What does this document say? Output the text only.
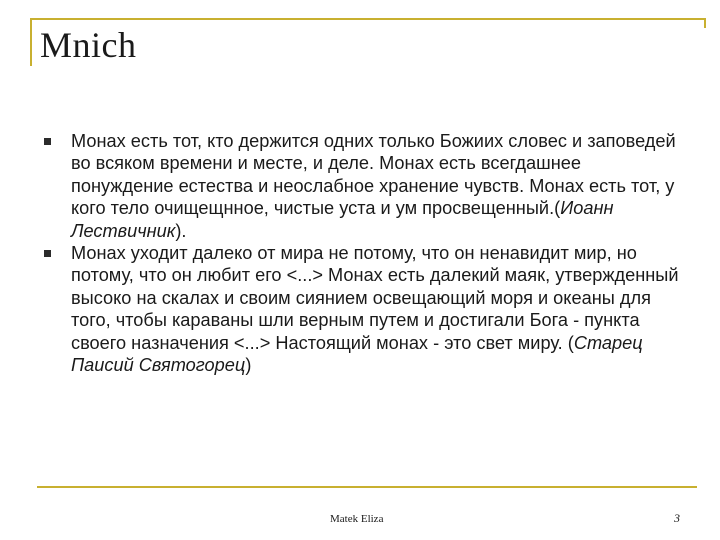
Mnich
Монах есть тот, кто держится одних только Божиих словес и заповедей во всяком времени и месте, и деле. Монах есть всегдашнее понуждение естества и неослабное хранение чувств. Монах есть тот, у кого тело очищещнное, чистые уста и ум просвещенный.(Иоанн Лествичник).
Монах уходит далеко от мира не потому, что он ненавидит мир, но потому, что он любит его <...> Монах есть далекий маяк, утвержденный высоко на скалах и своим сиянием освещающий моря и океаны для того, чтобы караваны шли верным путем и достигали Бога - пункта своего назначения <...> Настоящий монах - это свет миру. (Старец Паисий Святогорец)
Matek Eliza	3
